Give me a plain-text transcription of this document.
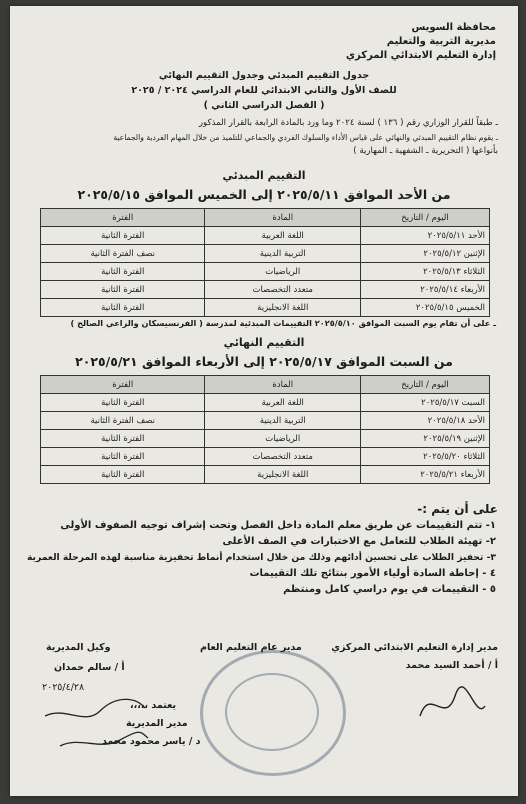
محافظة السويس
مديرية التربية والتعليم
إدارة التعليم الابتدائي المركزي
جدول التقييم المبدئي وجدول التقييم النهائي
للصف الأول والثاني الابتدائي للعام الدراسي ٢٠٢٤ / ٢٠٢٥
( الفصل الدراسي الثاني )
ـ طبقاً للقرار الوزاري رقم ( ١٣٦ ) لسنة ٢٠٢٤ وما ورد بالمادة الرابعة بالقرار المذكور
ـ يقوم نظام التقييم المبدئي والنهائي على قياس الأداء والسلوك الفردي والجماعي للتلميذ من خلال المهام الفردية والجماعية
بأنواعها ( التحريرية ـ الشفهية ـ المهارية )
التقييم المبدئي
من الأحد الموافق ٢٠٢٥/٥/١١ إلى الخميس الموافق ٢٠٢٥/٥/١٥
اليوم / التاريخ	المادة	الفترة
الأحد ٢٠٢٥/٥/١١	اللغة العربية	الفترة الثانية
الإثنين ٢٠٢٥/٥/١٢	التربية الدينية	نصف الفترة الثانية
الثلاثاء ٢٠٢٥/٥/١٣	الرياضيات	الفترة الثانية
الأربعاء ٢٠٢٥/٥/١٤	متعدد التخصصات	الفترة الثانية
الخميس ٢٠٢٥/٥/١٥	اللغة الانجليزية	الفترة الثانية
ـ على أن تقام يوم السبت الموافق ٢٠٢٥/٥/١٠ التقييمات المبدئية لمدرسة ( الفرنسيسكان والراعي الصالح )
التقييم النهائي
من السبت الموافق ٢٠٢٥/٥/١٧ إلى الأربعاء الموافق ٢٠٢٥/٥/٢١
اليوم / التاريخ	المادة	الفترة
السبت ٢٠٢٥/٥/١٧	اللغة العربية	الفترة الثانية
الأحد ٢٠٢٥/٥/١٨	التربية الدينية	نصف الفترة الثانية
الإثنين ٢٠٢٥/٥/١٩	الرياضيات	الفترة الثانية
الثلاثاء ٢٠٢٥/٥/٢٠	متعدد التخصصات	الفترة الثانية
الأربعاء ٢٠٢٥/٥/٢١	اللغة الانجليزية	الفترة الثانية
على أن يتم :-
١- تتم التقييمات عن طريق معلم المادة داخل الفصل وتحت إشراف توجيه الصفوف الأولى
٢- تهيئة الطلاب للتعامل مع الاختبارات في الصف الأعلى
٣- تحفيز الطلاب على تحسين أدائهم وذلك من خلال استخدام أنماط تحفيزية مناسبة لهذه المرحلة العمرية
٤ - إحاطة السادة أولياء الأمور بنتائج تلك التقييمات
٥ - التقييمات في يوم دراسي كامل ومنتظم
مدير إدارة التعليم الابتدائي المركزي
أ / أحمد السيد محمد
مدير عام التعليم العام
وكيل المديرية
أ / سالم حمدان
٢٠٢٥/٤/٢٨
يعتمد ،،،،،
مدير المديرية
د / ياسر محمود محمد
